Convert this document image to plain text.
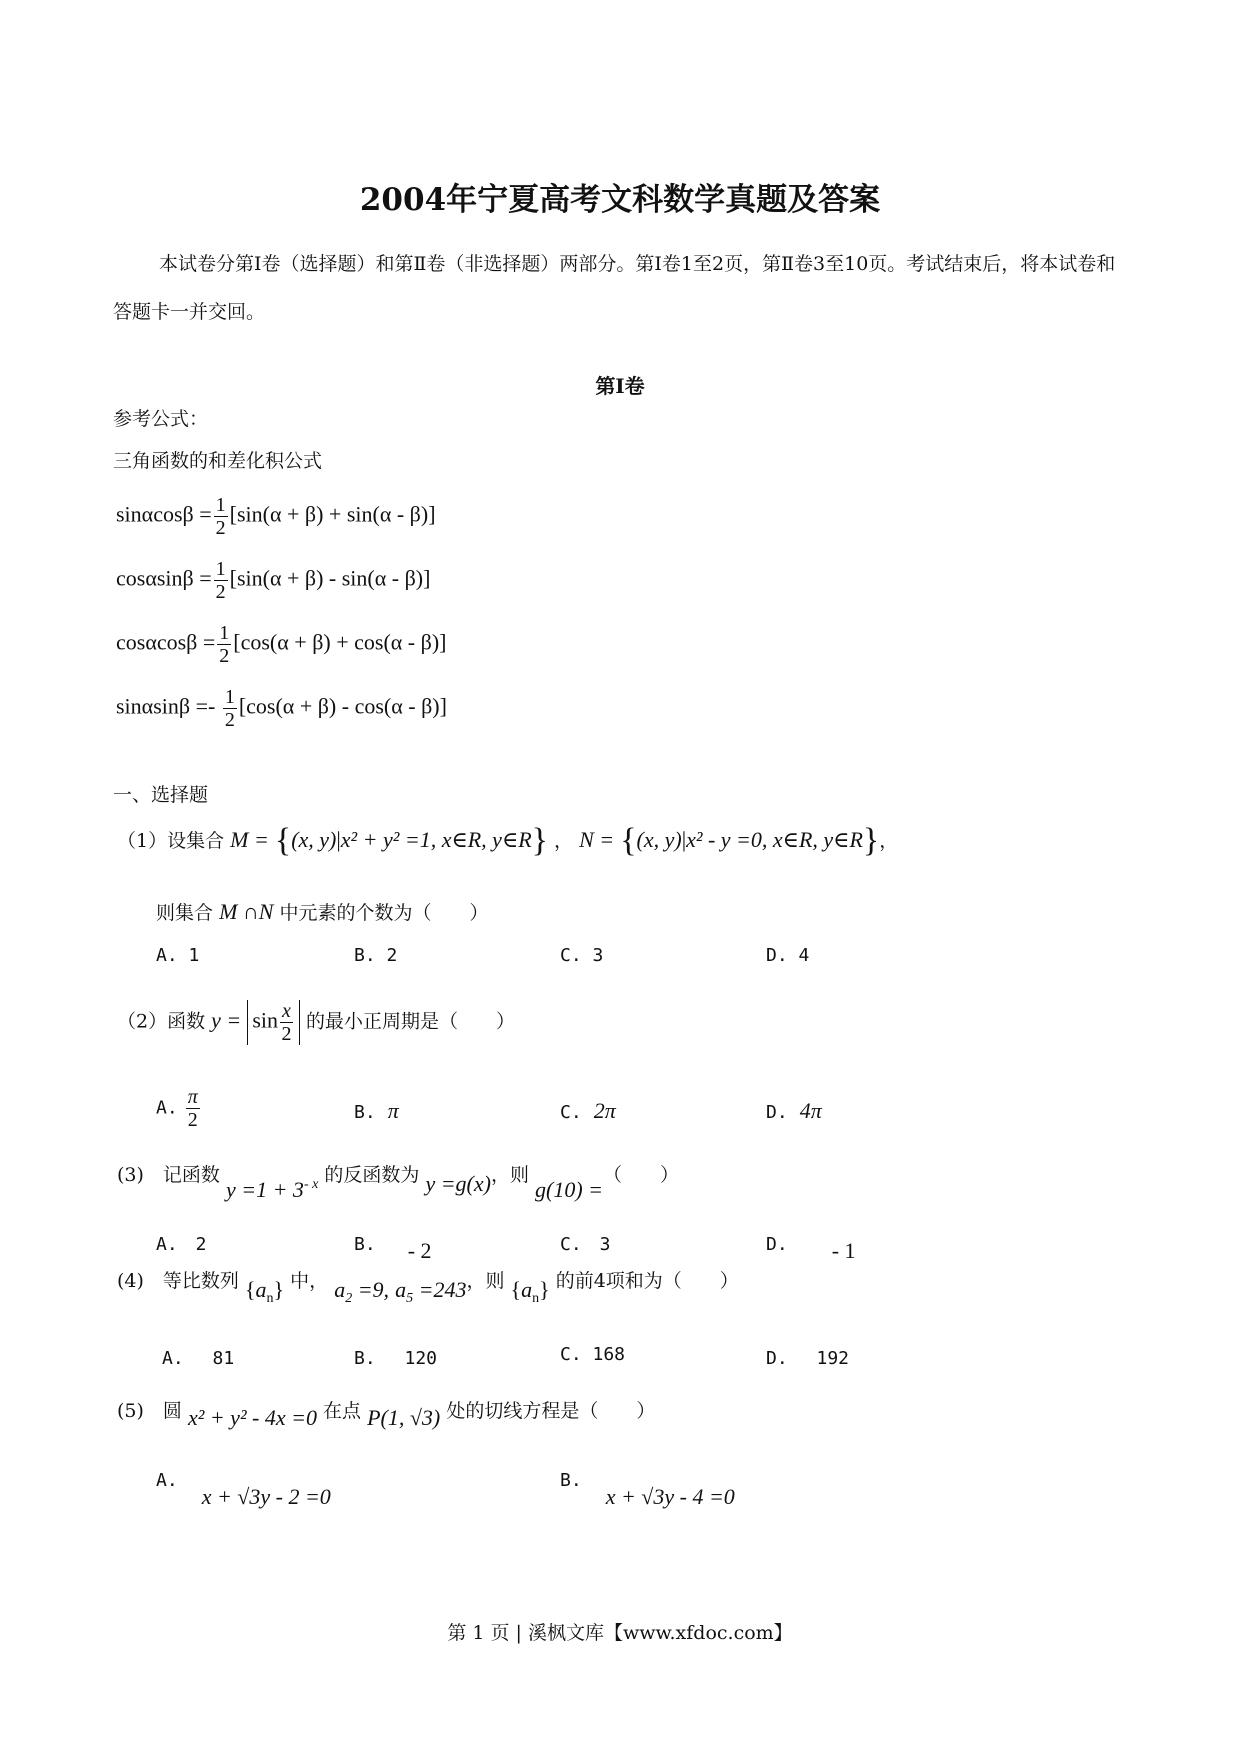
2004年宁夏高考文科数学真题及答案
本试卷分第Ⅰ卷（选择题）和第Ⅱ卷（非选择题）两部分。第Ⅰ卷1至2页，第Ⅱ卷3至10页。考试结束后，将本试卷和答题卡一并交回。
第Ⅰ卷
参考公式：
三角函数的和差化积公式
$\sin\alpha\cos\beta = \frac{1}{2} [\sin(\alpha + \beta) + \sin(\alpha - \beta)]$
$\cos\alpha\sin\beta = \frac{1}{2} [\sin(\alpha + \beta) - \sin(\alpha - \beta)]$
$\cos\alpha\cos\beta = \frac{1}{2} [\cos(\alpha + \beta) + \cos(\alpha - \beta)]$
$\sin\alpha\sin\beta =- \frac{1}{2} [\cos(\alpha + \beta) - \cos(\alpha - \beta)]$
一、选择题
（1）设集合 M = {(x, y)|x² + y² =1, x∈R, y∈R} ， N = {(x, y)|x² - y =0, x∈R, y∈R}，
则集合 M ∩N 中元素的个数为（　　）
A. 1	B. 2	C. 3	D. 4
（2）函数 $y = \sin \frac{x}{2}$ 的最小正周期是（　　）
A. $\frac{\pi}{2}$	B. π	C. 2π	D. 4π
(3)　记函数 $y =1 + 3^{- x}$ 的反函数为 y =g(x)，则 g(10) =（　　）
A.　2	B. - 2	C.　3	D. - 1
(4)　等比数列 $\{a_n\}$ 中， $a_2 =9$, $a_5 =243$，则 $\{a_n\}$ 的前4项和为（　　）
A.　 81	B.　 120	C. 168	D.　 192
(5)　圆 x² + y² - 4x =0 在点 P(1, √3) 处的切线方程是（　　）
A.x + √3y - 2 =0
B.x + √3y - 4 =0
第 1 页 | 溪枫文库【www.xfdoc.com】
